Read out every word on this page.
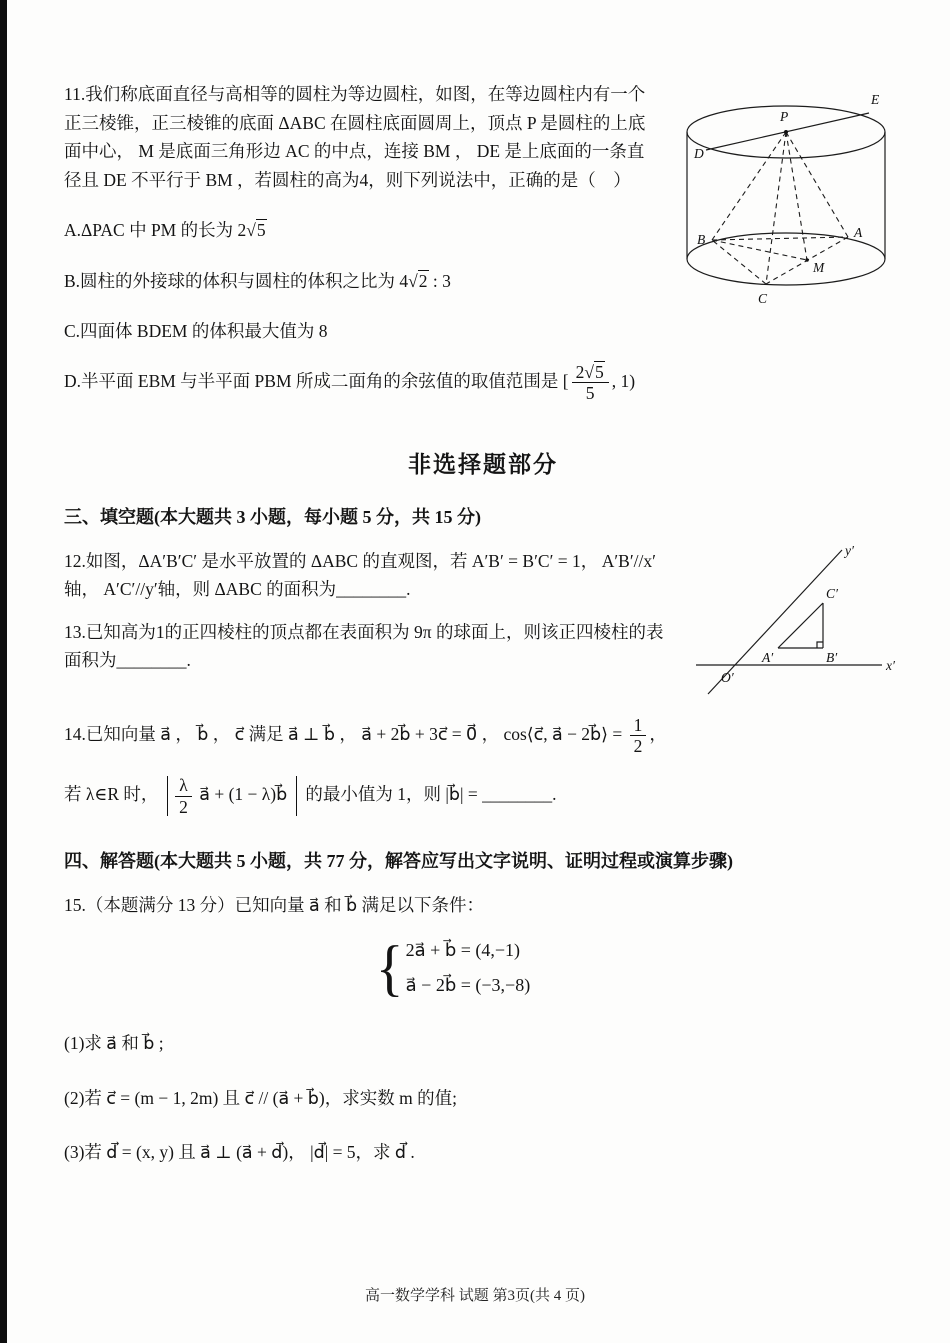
E
P
D
B	A
M
C
11.我们称底面直径与高相等的圆柱为等边圆柱，如图，在等边圆柱内有一个正三棱锥，正三棱锥的底面 ΔABC 在圆柱底面圆周上，顶点 P 是圆柱的上底面中心， M 是底面三角形边 AC 的中点，连接 BM ， DE 是上底面的一条直径且 DE 不平行于 BM ，若圆柱的高为4，则下列说法中，正确的是（　）
A.ΔPAC 中 PM 的长为 2√5
B.圆柱的外接球的体积与圆柱的体积之比为 4√2 : 3
C.四面体 BDEM 的体积最大值为 8
D.半平面 EBM 与半平面 PBM 所成二面角的余弦值的取值范围是 [ $\frac{2√5}{5}$ , 1)
非选择题部分
三、填空题(本大题共 3 小题，每小题 5 分，共 15 分)
y′
x′
O′
A′	B′
C′
12.如图，ΔA′B′C′ 是水平放置的 ΔABC 的直观图，若 A′B′ = B′C′ = 1， A′B′//x′轴， A′C′//y′轴，则 ΔABC 的面积为________.
13.已知高为1的正四棱柱的顶点都在表面积为 9π 的球面上，则该正四棱柱的表面积为________.
14.已知向量 a⃗ ， b⃗ ， c⃗ 满足 a⃗ ⊥ b⃗ ， a⃗ + 2b⃗ + 3c⃗ = 0⃗ ， cos⟨c⃗, a⃗ − 2b⃗⟩ = $\frac{1}{2}$ ，
若 λ∈R 时， $\frac{\lambda}{2}$ a⃗ + (1 − λ)b⃗  的最小值为 1，则 |b⃗| = ________.
四、解答题(本大题共 5 小题，共 77 分，解答应写出文字说明、证明过程或演算步骤)
15.（本题满分 13 分）已知向量 a⃗ 和 b⃗ 满足以下条件：
{ 2a⃗ + b⃗ = (4,−1)
a⃗ − 2b⃗ = (−3,−8)
(1)求 a⃗ 和 b⃗ ;
(2)若 c⃗ = (m − 1, 2m) 且 c⃗ // (a⃗ + b⃗)，求实数 m 的值;
(3)若 d⃗ = (x, y) 且 a⃗ ⊥ (a⃗ + d⃗)， |d⃗| = 5，求 d⃗ .
高一数学学科 试题 第3页(共 4 页)
